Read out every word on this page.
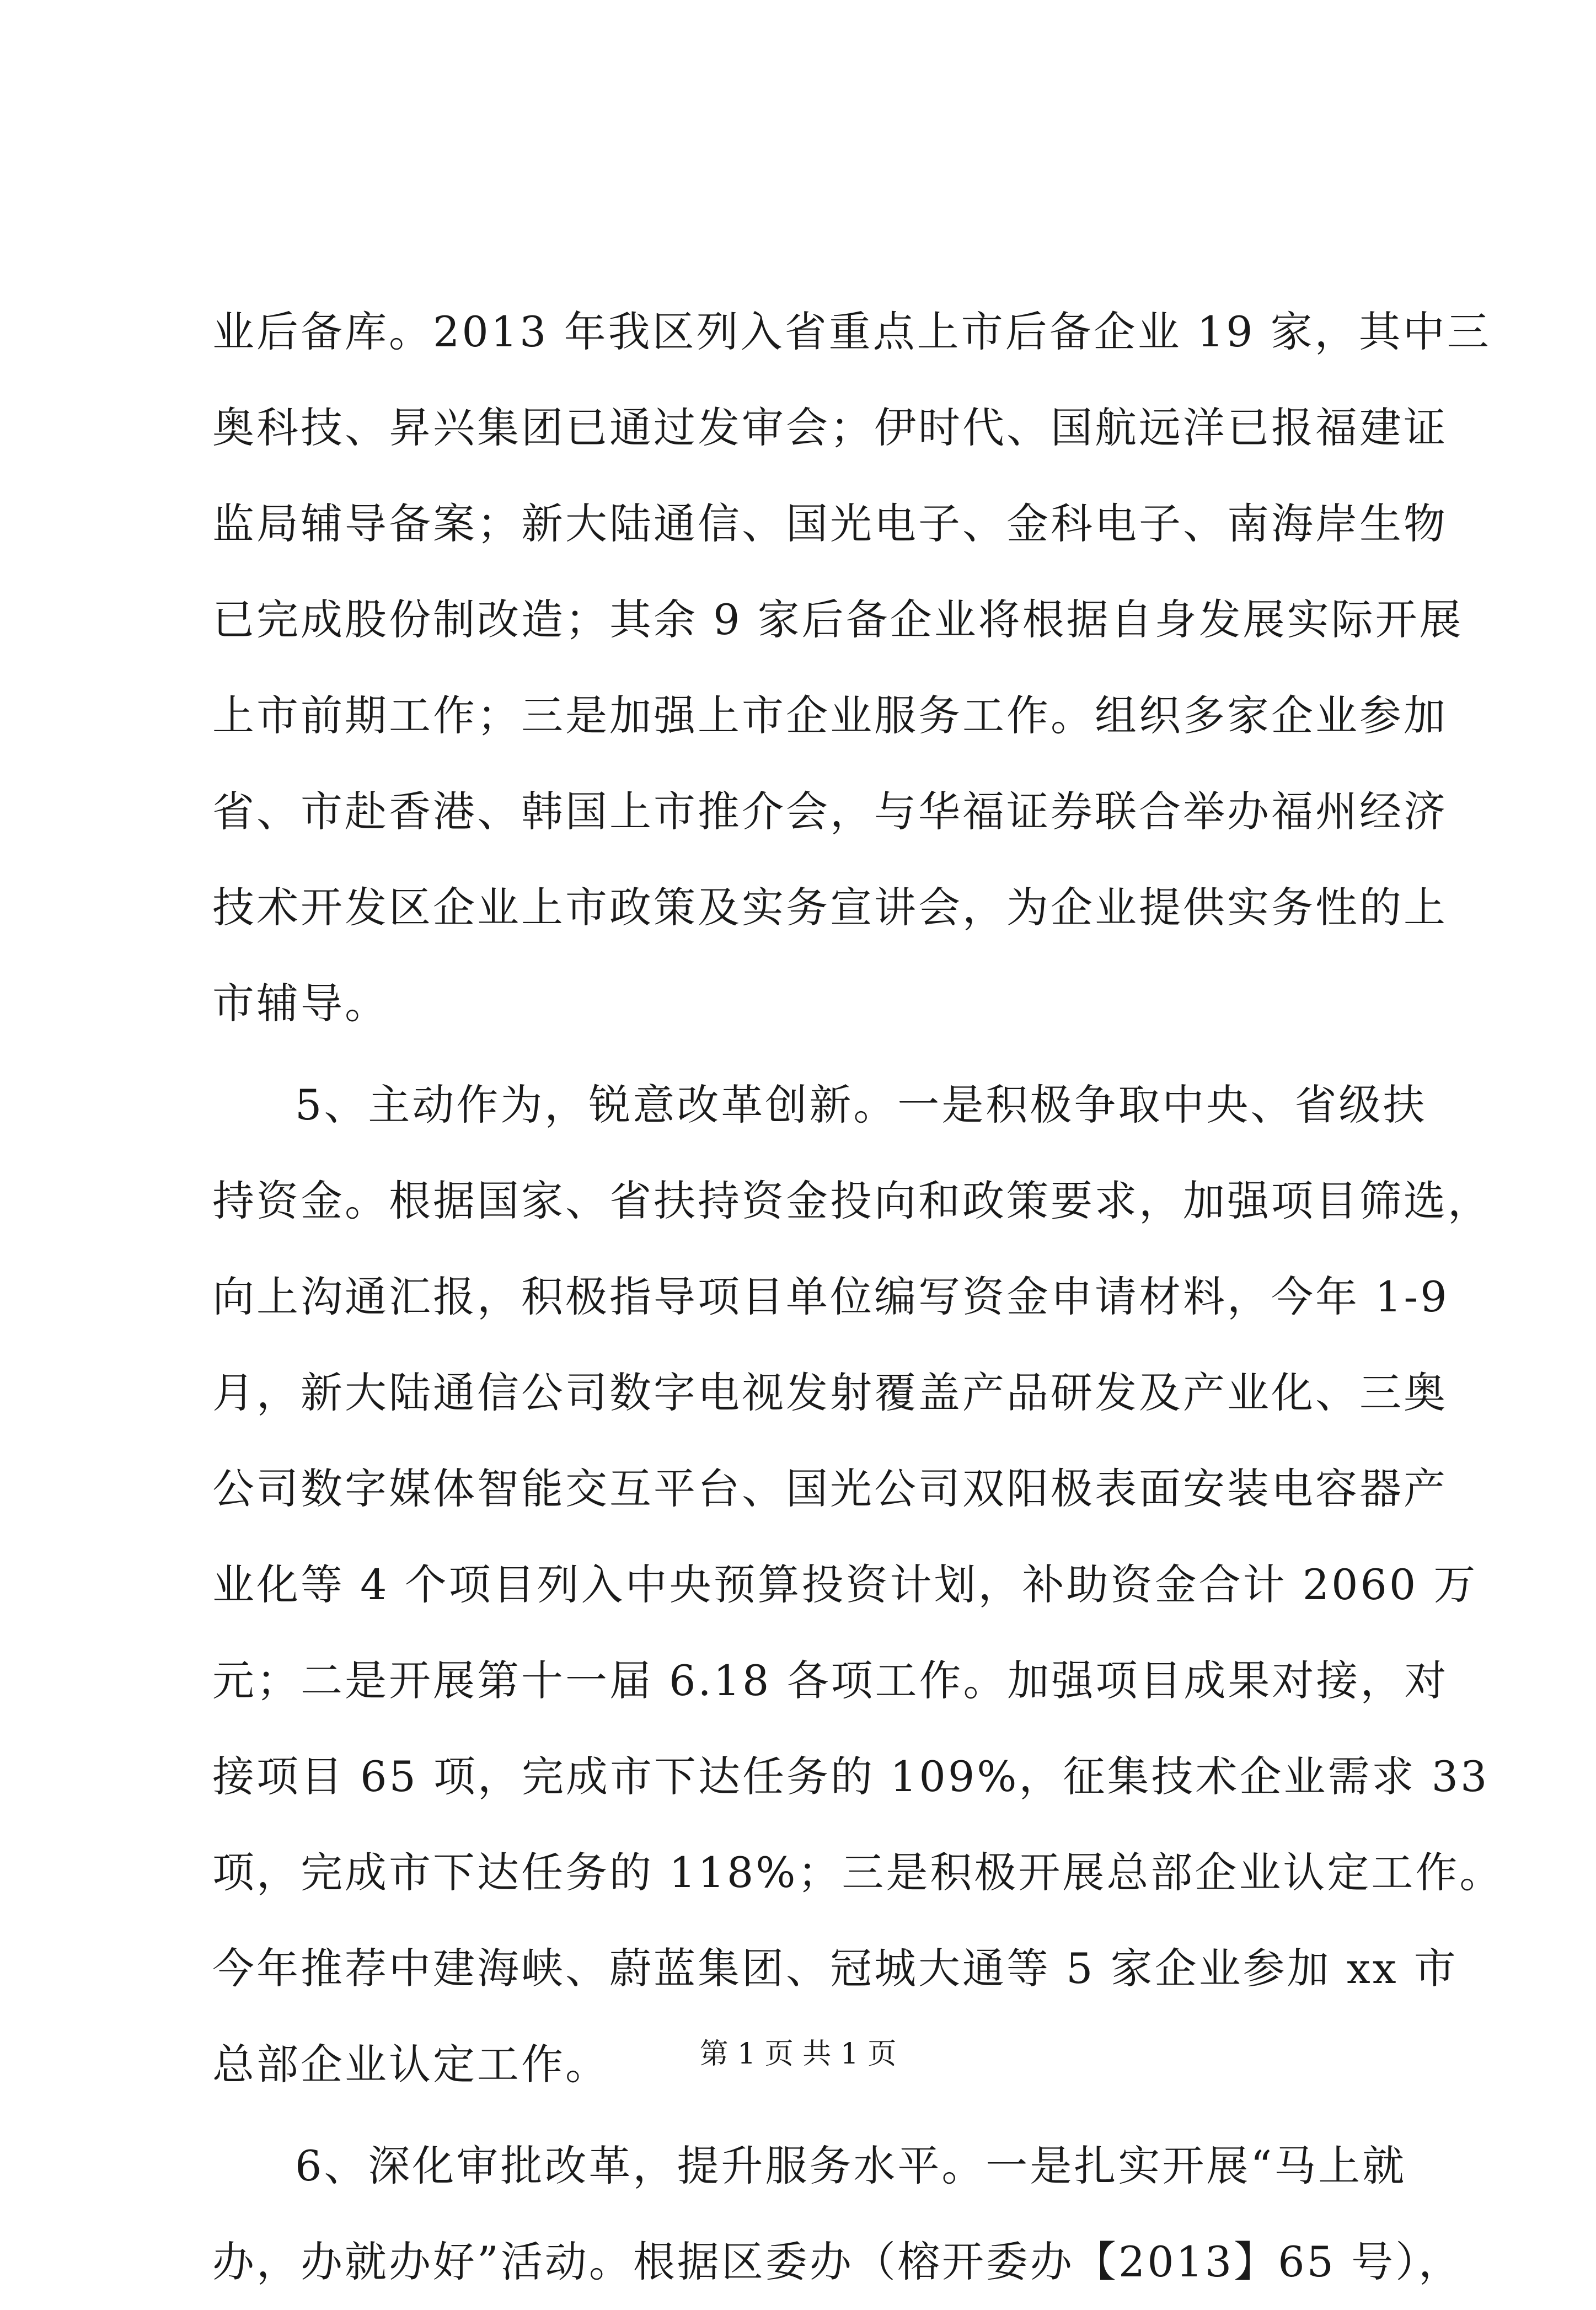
业后备库。2013 年我区列入省重点上市后备企业 19 家，其中三
奥科技、昇兴集团已通过发审会；伊时代、国航远洋已报福建证
监局辅导备案；新大陆通信、国光电子、金科电子、南海岸生物
已完成股份制改造；其余 9 家后备企业将根据自身发展实际开展
上市前期工作；三是加强上市企业服务工作。组织多家企业参加
省、市赴香港、韩国上市推介会，与华福证券联合举办福州经济
技术开发区企业上市政策及实务宣讲会，为企业提供实务性的上
市辅导。
5、主动作为，锐意改革创新。一是积极争取中央、省级扶
持资金。根据国家、省扶持资金投向和政策要求，加强项目筛选，
向上沟通汇报，积极指导项目单位编写资金申请材料，今年 1-9
月，新大陆通信公司数字电视发射覆盖产品研发及产业化、三奥
公司数字媒体智能交互平台、国光公司双阳极表面安装电容器产
业化等 4 个项目列入中央预算投资计划，补助资金合计 2060 万
元；二是开展第十一届 6.18 各项工作。加强项目成果对接，对
接项目 65 项，完成市下达任务的 109%，征集技术企业需求 33
项，完成市下达任务的 118%；三是积极开展总部企业认定工作。
今年推荐中建海峡、蔚蓝集团、冠城大通等 5 家企业参加 xx 市
总部企业认定工作。
6、深化审批改革，提升服务水平。一是扎实开展“马上就
办，办就办好”活动。根据区委办（榕开委办【2013】65 号），
第 1 页 共 1 页
